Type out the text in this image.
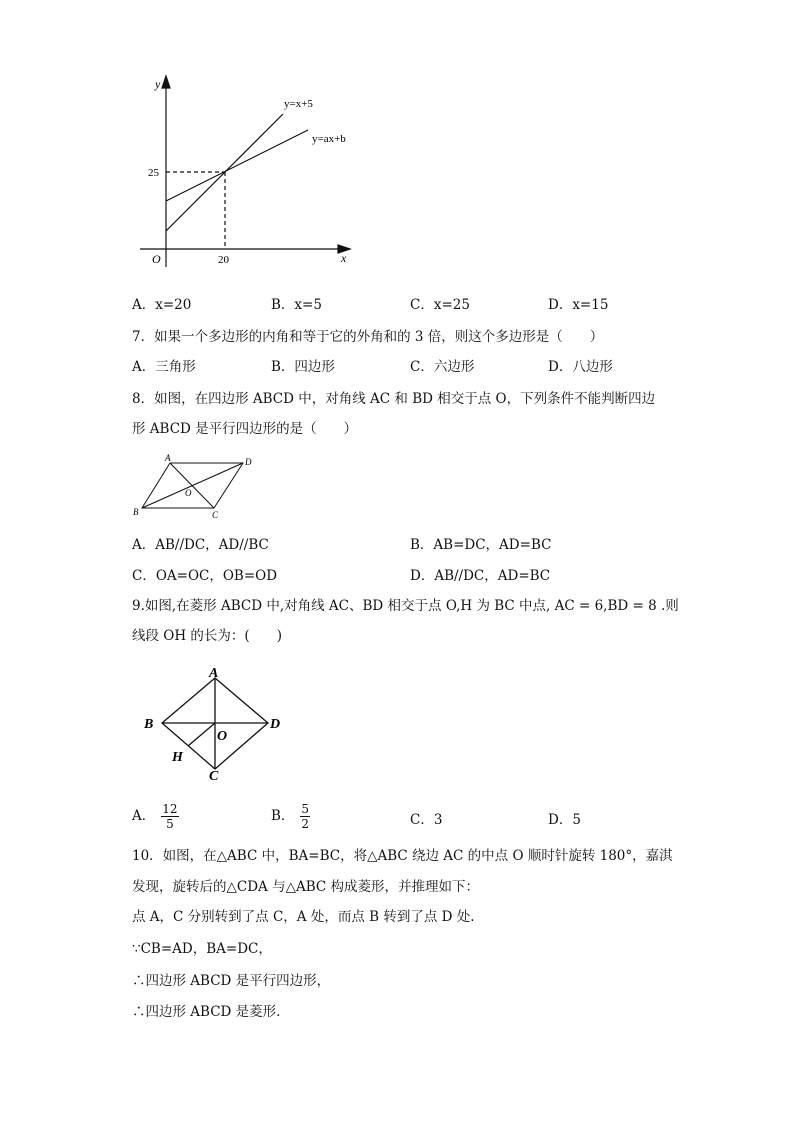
y
x
O
25
20
y=x+5
y=ax+b
A．x=20	B．x=5	C．x=25	D．x=15
7．如果一个多边形的内角和等于它的外角和的 3 倍，则这个多边形是（　　）
A．三角形	B．四边形	C．六边形	D．八边形
8．如图，在四边形 ABCD 中，对角线 AC 和 BD 相交于点 O，下列条件不能判断四边
形 ABCD 是平行四边形的是（　　）
A	D
B	C
O
A．AB//DC，AD//BC	B．AB=DC，AD=BC
C．OA=OC，OB=OD	D．AB//DC，AD=BC
9.如图,在菱形 ABCD 中,对角线 AC、BD 相交于点 O,H 为 BC 中点, AC = 6,BD = 8 .则
线段 OH 的长为：(　　)
A
B	D
C
O
H
A． $\frac{12}{5}$	B． $\frac{5}{2}$	C．3	D．5
10．如图，在△ABC 中，BA=BC，将△ABC 绕边 AC 的中点 O 顺时针旋转 180°，嘉淇
发现，旋转后的△CDA 与△ABC 构成菱形，并推理如下：
点 A，C 分别转到了点 C，A 处，而点 B 转到了点 D 处.
∵CB=AD，BA=DC，
∴四边形 ABCD 是平行四边形，
∴四边形 ABCD 是菱形.
